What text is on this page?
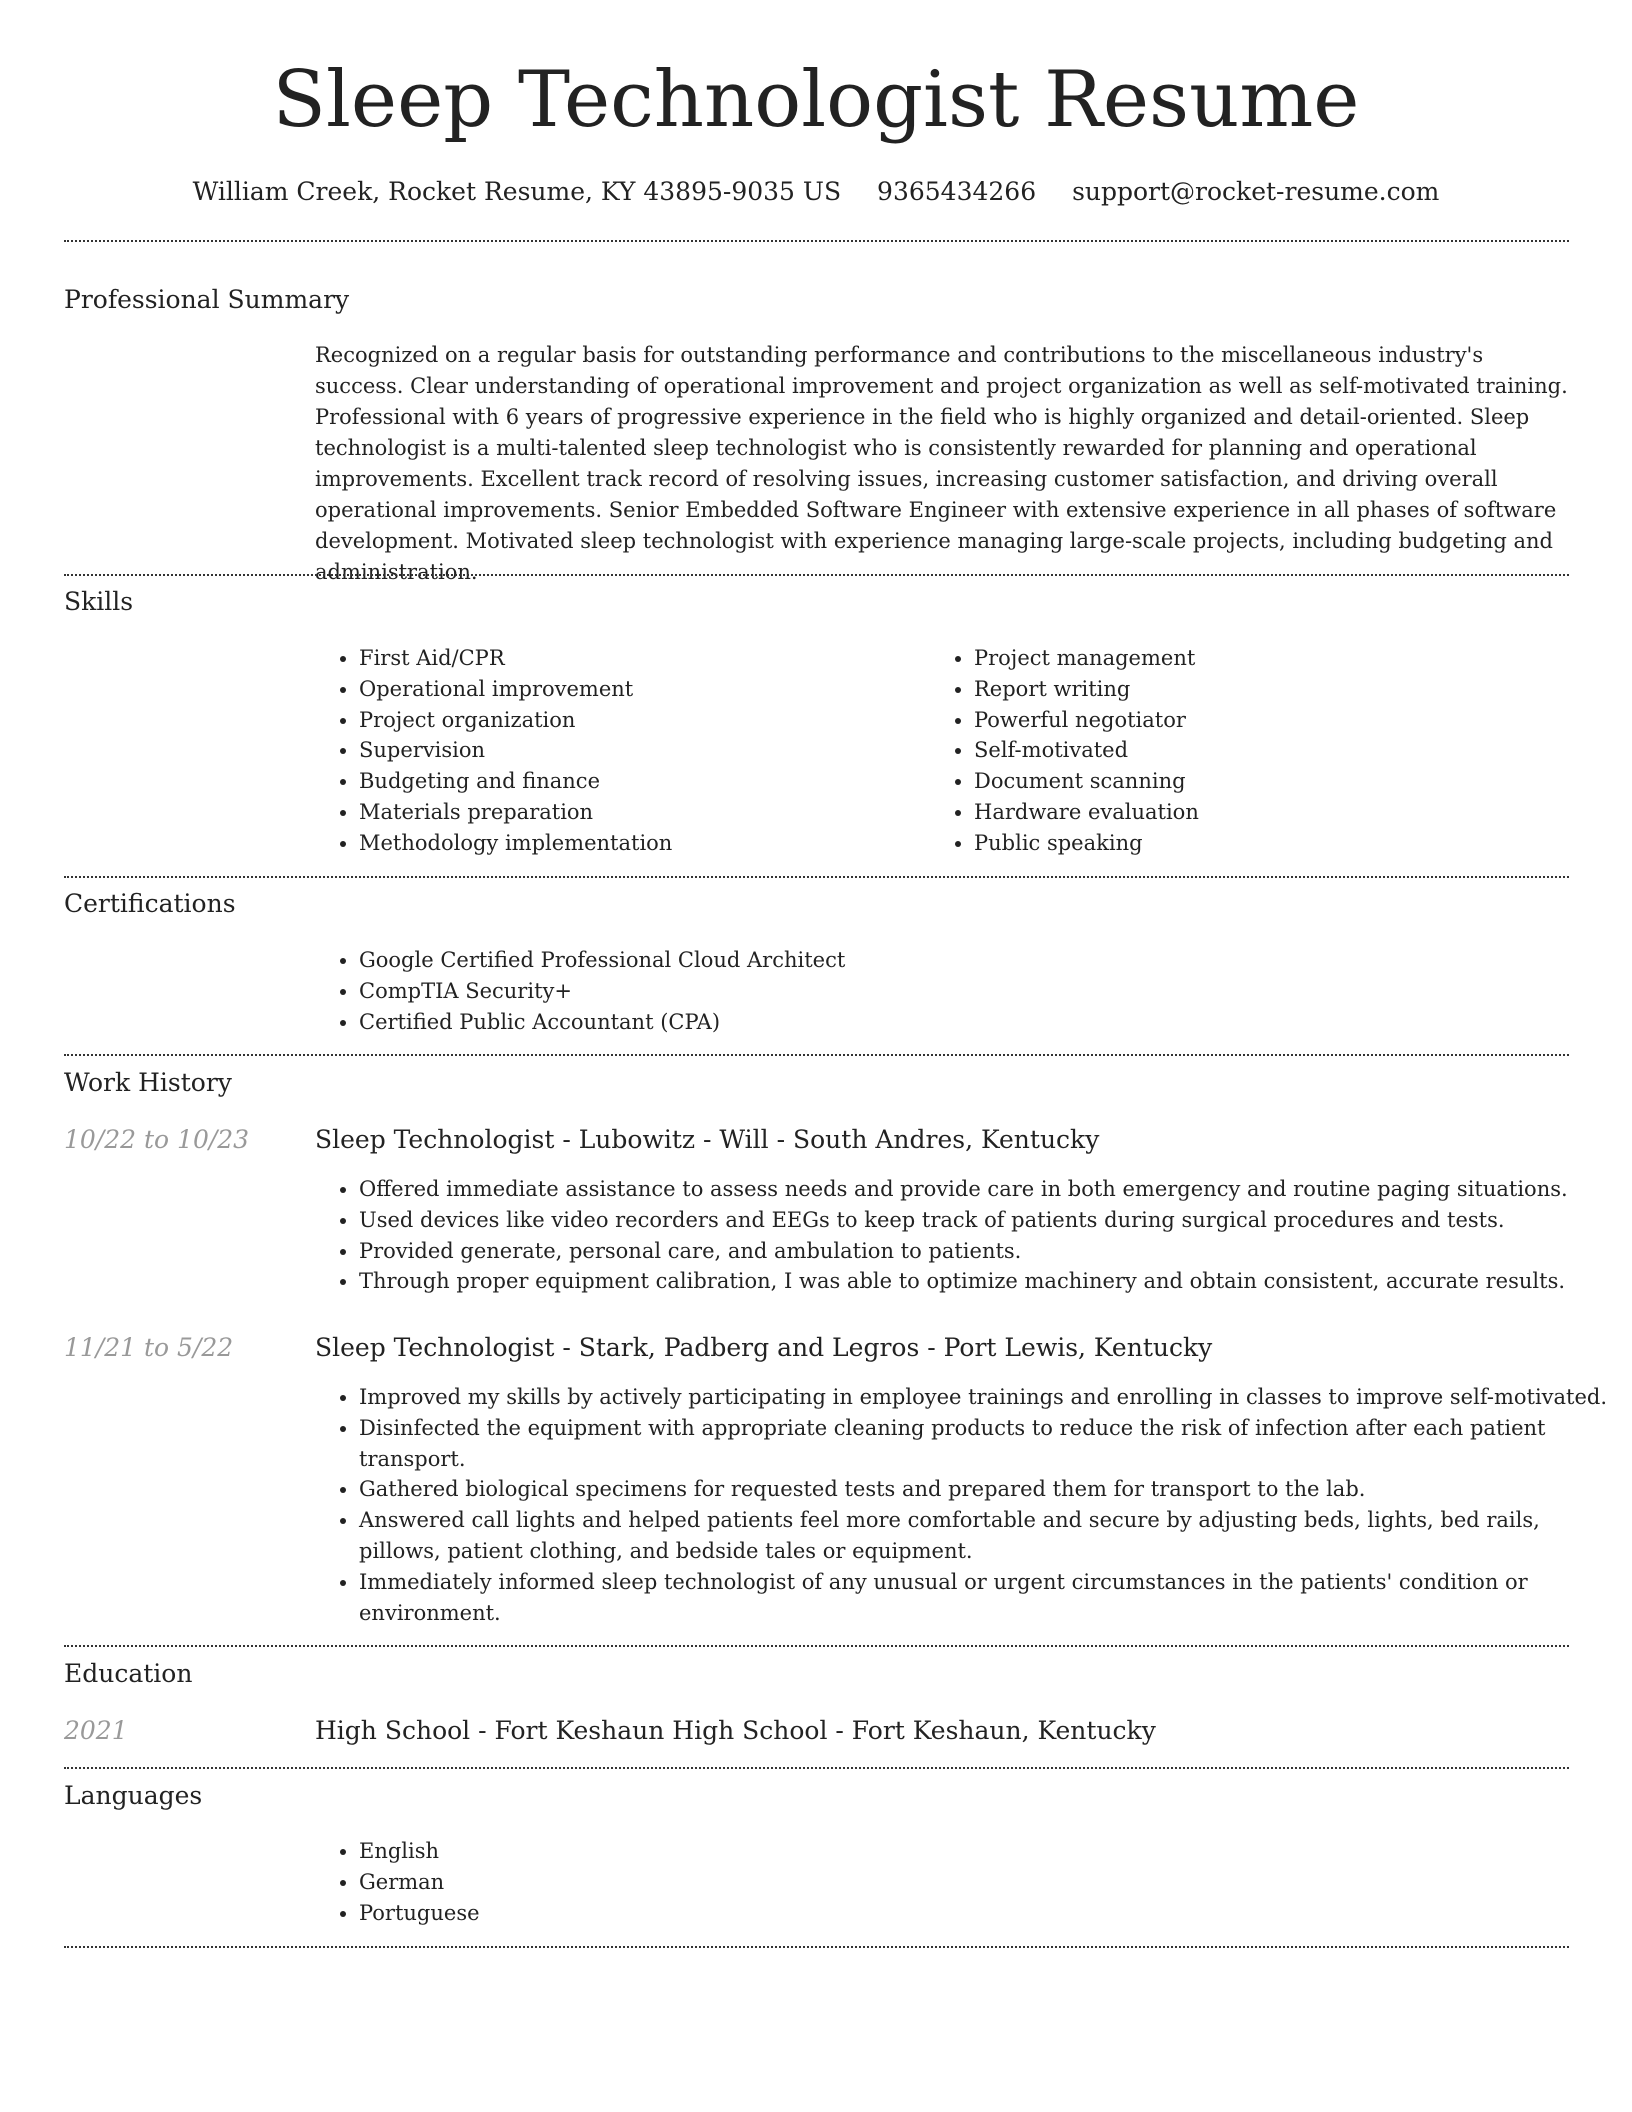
Sleep Technologist Resume
William Creek, Rocket Resume, KY 43895-9035 US 9365434266 support@rocket-resume.com
Professional Summary

Recognized on a regular basis for outstanding performance and contributions to the miscellaneous industry's success. Clear understanding of operational improvement and project organization as well as self-motivated training. Professional with 6 years of progressive experience in the field who is highly organized and detail-oriented. Sleep technologist is a multi-talented sleep technologist who is consistently rewarded for planning and operational improvements. Excellent track record of resolving issues, increasing customer satisfaction, and driving overall operational improvements. Senior Embedded Software Engineer with extensive experience in all phases of software development. Motivated sleep technologist with experience managing large-scale projects, including budgeting and administration.

Skills
• First Aid/CPR
• Operational improvement
• Project organization
• Supervision
• Budgeting and finance
• Materials preparation
• Methodology implementation
• Project management
• Report writing
• Powerful negotiator
• Self-motivated
• Document scanning
• Hardware evaluation
• Public speaking
Certifications
• Google Certified Professional Cloud Architect
• CompTIA Security+
• Certified Public Accountant (CPA)
Work History
10/22 to 10/23	Sleep Technologist - Lubowitz - Will - South Andres, Kentucky
• Offered immediate assistance to assess needs and provide care in both emergency and routine paging situations.
• Used devices like video recorders and EEGs to keep track of patients during surgical procedures and tests.
• Provided generate, personal care, and ambulation to patients.
• Through proper equipment calibration, I was able to optimize machinery and obtain consistent, accurate results.
11/21 to 5/22	Sleep Technologist - Stark, Padberg and Legros - Port Lewis, Kentucky
• Improved my skills by actively participating in employee trainings and enrolling in classes to improve self-motivated.
• Disinfected the equipment with appropriate cleaning products to reduce the risk of infection after each patient transport.
• Gathered biological specimens for requested tests and prepared them for transport to the lab.
• Answered call lights and helped patients feel more comfortable and secure by adjusting beds, lights, bed rails, pillows, patient clothing, and bedside tales or equipment.
• Immediately informed sleep technologist of any unusual or urgent circumstances in the patients' condition or environment.
Education
2021	High School - Fort Keshaun High School - Fort Keshaun, Kentucky
Languages
• English
• German
• Portuguese
